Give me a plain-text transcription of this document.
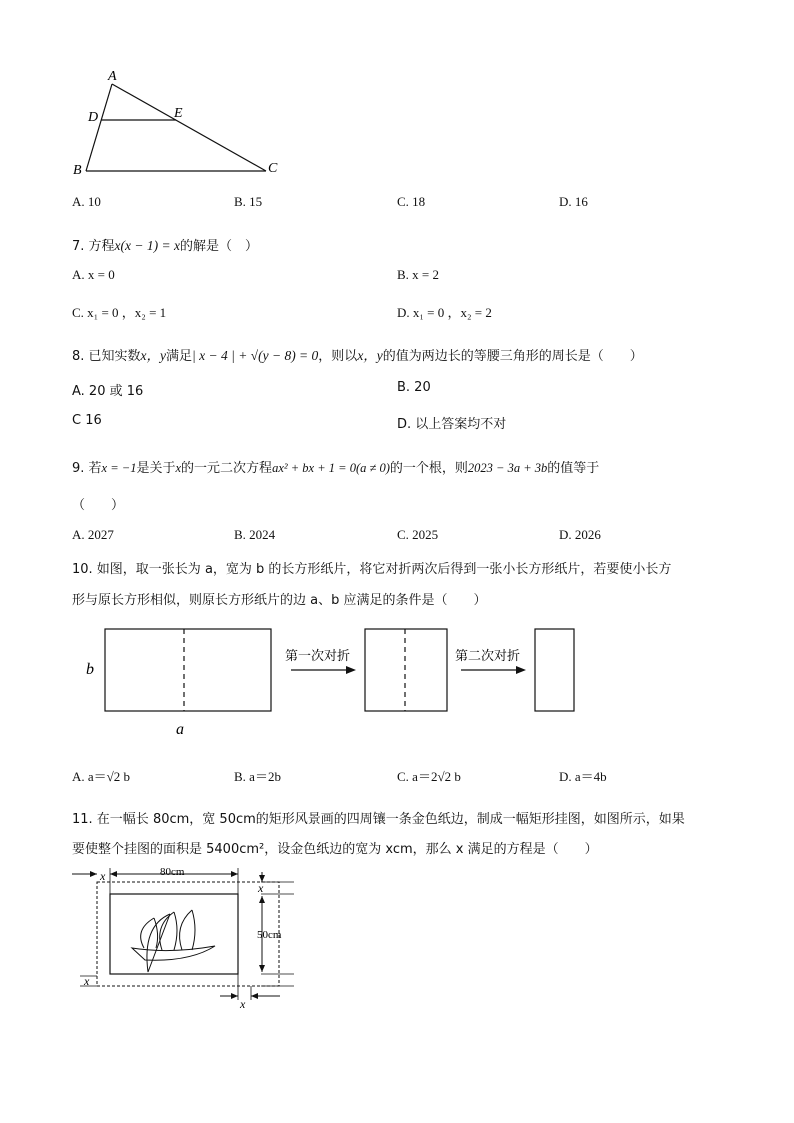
A
D	E
B	C
A. 10	B. 15	C. 18	D. 16
7. 方程x(x − 1) = x的解是（　）
A. x = 0	B. x = 2
C. x₁ = 0 ，x₂ = 1	D. x₁ = 0 ，x₂ = 2
8. 已知实数x，y满足| x − 4 | + √(y − 8) = 0，则以x，y的值为两边长的等腰三角形的周长是（　　）
A. 20 或 16	B. 20
C 16	D. 以上答案均不对
9. 若x = −1是关于x的一元二次方程ax² + bx + 1 = 0(a ≠ 0)的一个根，则2023 − 3a + 3b的值等于
（　　）
A. 2027	B. 2024	C. 2025	D. 2026
10. 如图，取一张长为 a，宽为 b 的长方形纸片，将它对折两次后得到一张小长方形纸片，若要使小长方
形与原长方形相似，则原长方形纸片的边 a、b 应满足的条件是（　　）
b
a
第一次对折	第二次对折
A. a＝√2 b	B. a＝2b	C. a＝2√2 b	D. a＝4b
11. 在一幅长 80cm，宽 50cm的矩形风景画的四周镶一条金色纸边，制成一幅矩形挂图，如图所示，如果
要使整个挂图的面积是 5400cm²，设金色纸边的宽为 xcm，那么 x 满足的方程是（　　）
80cm
x
50cm
x
x
x
